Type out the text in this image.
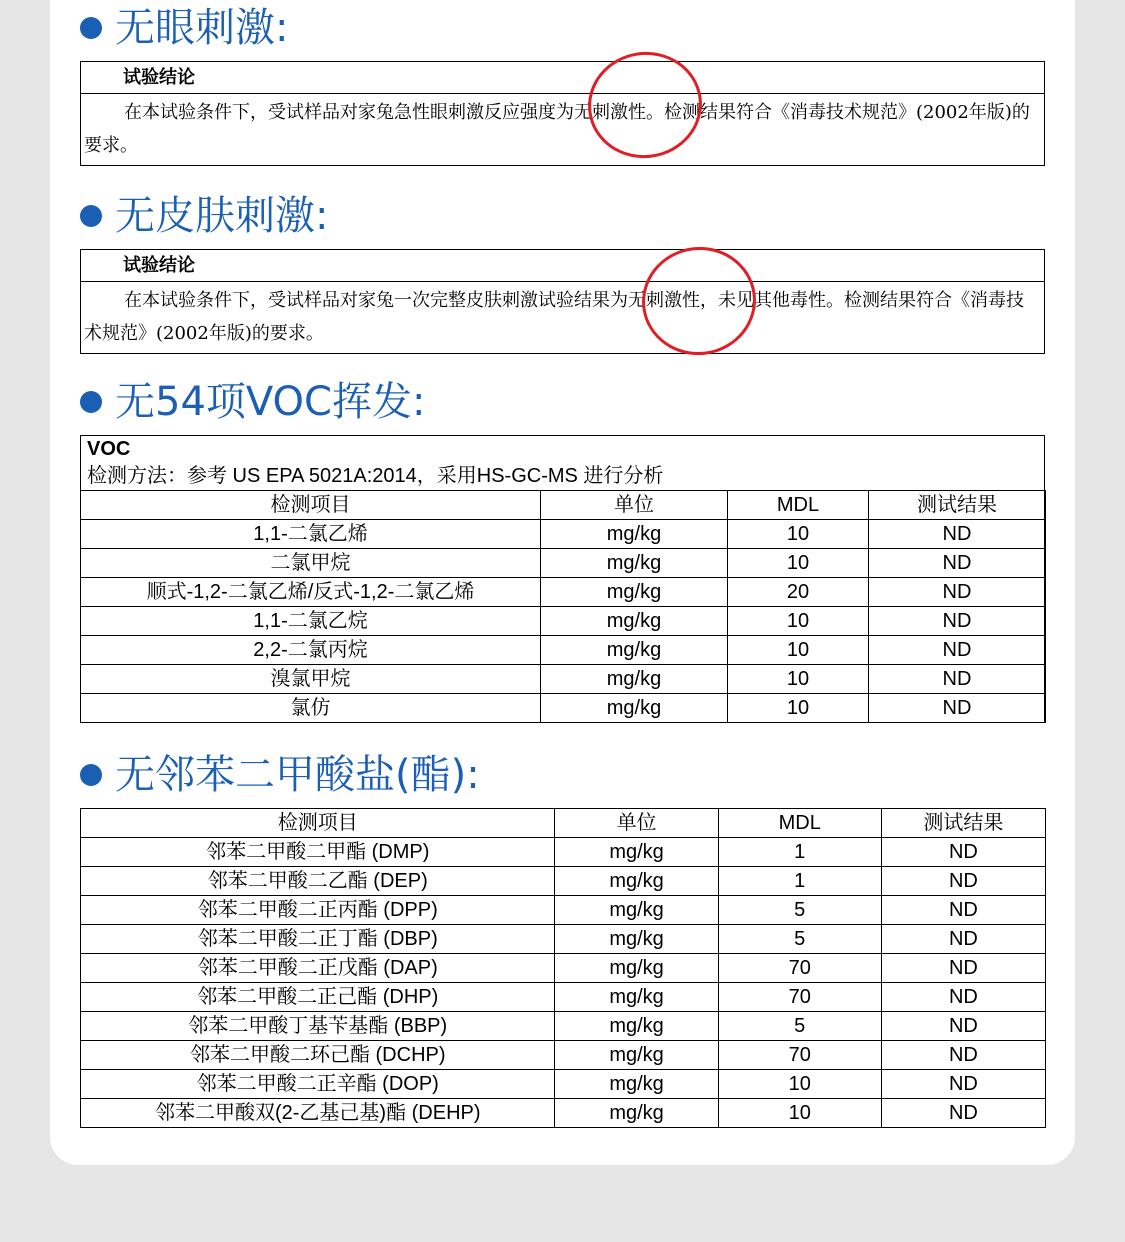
无眼刺激:
试验结论
在本试验条件下，受试样品对家兔急性眼刺激反应强度为无刺激性。检测结果符合《消毒技术规范》(2002年版)的要求。
无皮肤刺激:
试验结论
在本试验条件下，受试样品对家兔一次完整皮肤刺激试验结果为无刺激性，未见其他毒性。检测结果符合《消毒技术规范》(2002年版)的要求。
无54项VOC挥发:
VOC
检测方法：参考 US EPA 5021A:2014，采用HS-GC-MS 进行分析
检测项目	单位	MDL	测试结果
1,1-二氯乙烯	mg/kg	10	ND
二氯甲烷	mg/kg	10	ND
顺式-1,2-二氯乙烯/反式-1,2-二氯乙烯	mg/kg	20	ND
1,1-二氯乙烷	mg/kg	10	ND
2,2-二氯丙烷	mg/kg	10	ND
溴氯甲烷	mg/kg	10	ND
氯仿	mg/kg	10	ND
无邻苯二甲酸盐(酯):
检测项目	单位	MDL	测试结果
邻苯二甲酸二甲酯 (DMP)	mg/kg	1	ND
邻苯二甲酸二乙酯 (DEP)	mg/kg	1	ND
邻苯二甲酸二正丙酯 (DPP)	mg/kg	5	ND
邻苯二甲酸二正丁酯 (DBP)	mg/kg	5	ND
邻苯二甲酸二正戊酯 (DAP)	mg/kg	70	ND
邻苯二甲酸二正己酯 (DHP)	mg/kg	70	ND
邻苯二甲酸丁基苄基酯 (BBP)	mg/kg	5	ND
邻苯二甲酸二环己酯 (DCHP)	mg/kg	70	ND
邻苯二甲酸二正辛酯 (DOP)	mg/kg	10	ND
邻苯二甲酸双(2-乙基己基)酯 (DEHP)	mg/kg	10	ND
